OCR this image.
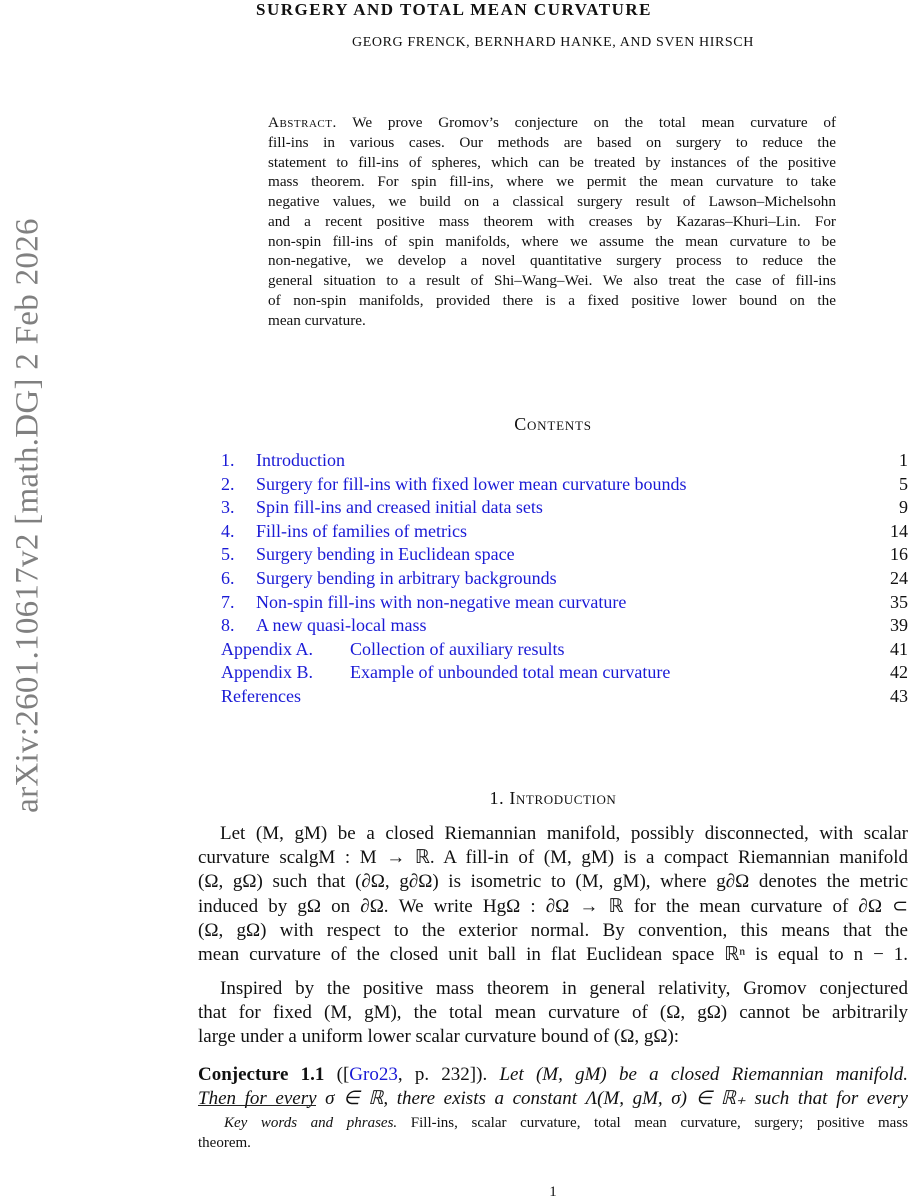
arXiv:2601.10617v2 [math.DG] 2 Feb 2026
SURGERY AND TOTAL MEAN CURVATURE
GEORG FRENCK, BERNHARD HANKE, AND SVEN HIRSCH
Abstract. We prove Gromov’s conjecture on the total mean curvature of
fill-ins in various cases. Our methods are based on surgery to reduce the
statement to fill-ins of spheres, which can be treated by instances of the positive
mass theorem. For spin fill-ins, where we permit the mean curvature to take
negative values, we build on a classical surgery result of Lawson–Michelsohn
and a recent positive mass theorem with creases by Kazaras–Khuri–Lin. For
non-spin fill-ins of spin manifolds, where we assume the mean curvature to be
non-negative, we develop a novel quantitative surgery process to reduce the
general situation to a result of Shi–Wang–Wei. We also treat the case of fill-ins
of non-spin manifolds, provided there is a fixed positive lower bound on the
mean curvature.
Contents
1. Introduction	1
2. Surgery for fill-ins with fixed lower mean curvature bounds	5
3. Spin fill-ins and creased initial data sets	9
4. Fill-ins of families of metrics	14
5. Surgery bending in Euclidean space	16
6. Surgery bending in arbitrary backgrounds	24
7. Non-spin fill-ins with non-negative mean curvature	35
8. A new quasi-local mass	39
Appendix A. Collection of auxiliary results	41
Appendix B. Example of unbounded total mean curvature	42
References	43
1. Introduction
Let (M, gM) be a closed Riemannian manifold, possibly disconnected, with scalar
curvature scalgM : M → ℝ. A fill-in of (M, gM) is a compact Riemannian manifold
(Ω, gΩ) such that (∂Ω, g∂Ω) is isometric to (M, gM), where g∂Ω denotes the metric
induced by gΩ on ∂Ω. We write HgΩ : ∂Ω → ℝ for the mean curvature of ∂Ω ⊂
(Ω, gΩ) with respect to the exterior normal. By convention, this means that the
mean curvature of the closed unit ball in flat Euclidean space ℝⁿ is equal to n − 1.
Inspired by the positive mass theorem in general relativity, Gromov conjectured
that for fixed (M, gM), the total mean curvature of (Ω, gΩ) cannot be arbitrarily
large under a uniform lower scalar curvature bound of (Ω, gΩ):
Conjecture 1.1 ([Gro23, p. 232]). Let (M, gM) be a closed Riemannian manifold.
Then for every σ ∈ ℝ, there exists a constant Λ(M, gM, σ) ∈ ℝ₊ such that for every
Key words and phrases. Fill-ins, scalar curvature, total mean curvature, surgery; positive mass
theorem.
1
